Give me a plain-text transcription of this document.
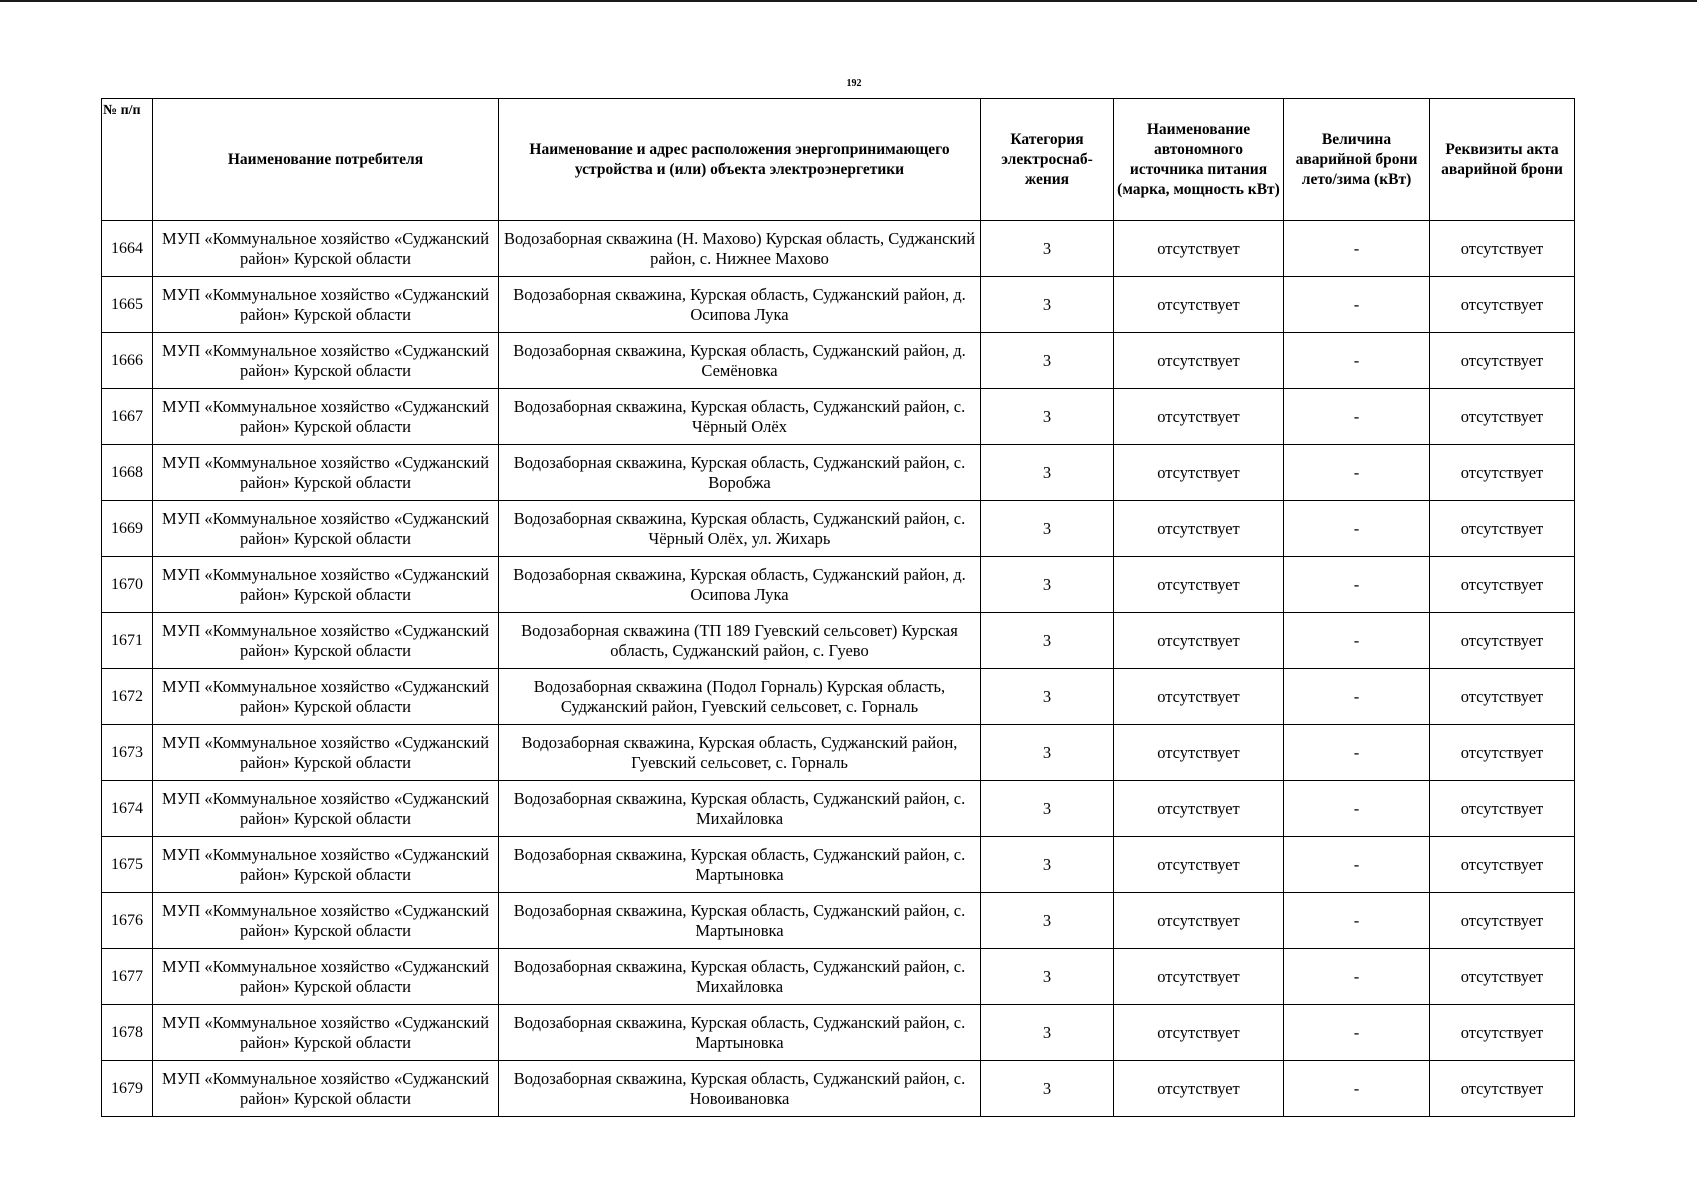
192
№ п/п	Наименование потребителя	Наименование и адрес расположения энергопринимающего устройства и (или) объекта электроэнергетики	Категория электроснаб-жения	Наименование автономного источника питания (марка, мощность кВт)	Величина аварийной брони лето/зима (кВт)	Реквизиты акта аварийной брони
1664	МУП «Коммунальное хозяйство «Суджанский район» Курской области	Водозаборная скважина (Н. Махово) Курская область, Суджанский район, с. Нижнее Махово	3	отсутствует	-	отсутствует
1665	МУП «Коммунальное хозяйство «Суджанский район» Курской области	Водозаборная скважина, Курская область, Суджанский район, д. Осипова Лука	3	отсутствует	-	отсутствует
1666	МУП «Коммунальное хозяйство «Суджанский район» Курской области	Водозаборная скважина, Курская область, Суджанский район, д. Семёновка	3	отсутствует	-	отсутствует
1667	МУП «Коммунальное хозяйство «Суджанский район» Курской области	Водозаборная скважина, Курская область, Суджанский район, с. Чёрный Олёх	3	отсутствует	-	отсутствует
1668	МУП «Коммунальное хозяйство «Суджанский район» Курской области	Водозаборная скважина, Курская область, Суджанский район, с. Воробжа	3	отсутствует	-	отсутствует
1669	МУП «Коммунальное хозяйство «Суджанский район» Курской области	Водозаборная скважина, Курская область, Суджанский район, с. Чёрный Олёх, ул. Жихарь	3	отсутствует	-	отсутствует
1670	МУП «Коммунальное хозяйство «Суджанский район» Курской области	Водозаборная скважина, Курская область, Суджанский район, д. Осипова Лука	3	отсутствует	-	отсутствует
1671	МУП «Коммунальное хозяйство «Суджанский район» Курской области	Водозаборная скважина (ТП 189 Гуевский сельсовет) Курская область, Суджанский район, с. Гуево	3	отсутствует	-	отсутствует
1672	МУП «Коммунальное хозяйство «Суджанский район» Курской области	Водозаборная скважина (Подол Горналь) Курская область, Суджанский район, Гуевский сельсовет, с. Горналь	3	отсутствует	-	отсутствует
1673	МУП «Коммунальное хозяйство «Суджанский район» Курской области	Водозаборная скважина, Курская область, Суджанский район, Гуевский сельсовет, с. Горналь	3	отсутствует	-	отсутствует
1674	МУП «Коммунальное хозяйство «Суджанский район» Курской области	Водозаборная скважина, Курская область, Суджанский район, с. Михайловка	3	отсутствует	-	отсутствует
1675	МУП «Коммунальное хозяйство «Суджанский район» Курской области	Водозаборная скважина, Курская область, Суджанский район, с. Мартыновка	3	отсутствует	-	отсутствует
1676	МУП «Коммунальное хозяйство «Суджанский район» Курской области	Водозаборная скважина, Курская область, Суджанский район, с. Мартыновка	3	отсутствует	-	отсутствует
1677	МУП «Коммунальное хозяйство «Суджанский район» Курской области	Водозаборная скважина, Курская область, Суджанский район, с. Михайловка	3	отсутствует	-	отсутствует
1678	МУП «Коммунальное хозяйство «Суджанский район» Курской области	Водозаборная скважина, Курская область, Суджанский район, с. Мартыновка	3	отсутствует	-	отсутствует
1679	МУП «Коммунальное хозяйство «Суджанский район» Курской области	Водозаборная скважина, Курская область, Суджанский район, с. Новоивановка	3	отсутствует	-	отсутствует
